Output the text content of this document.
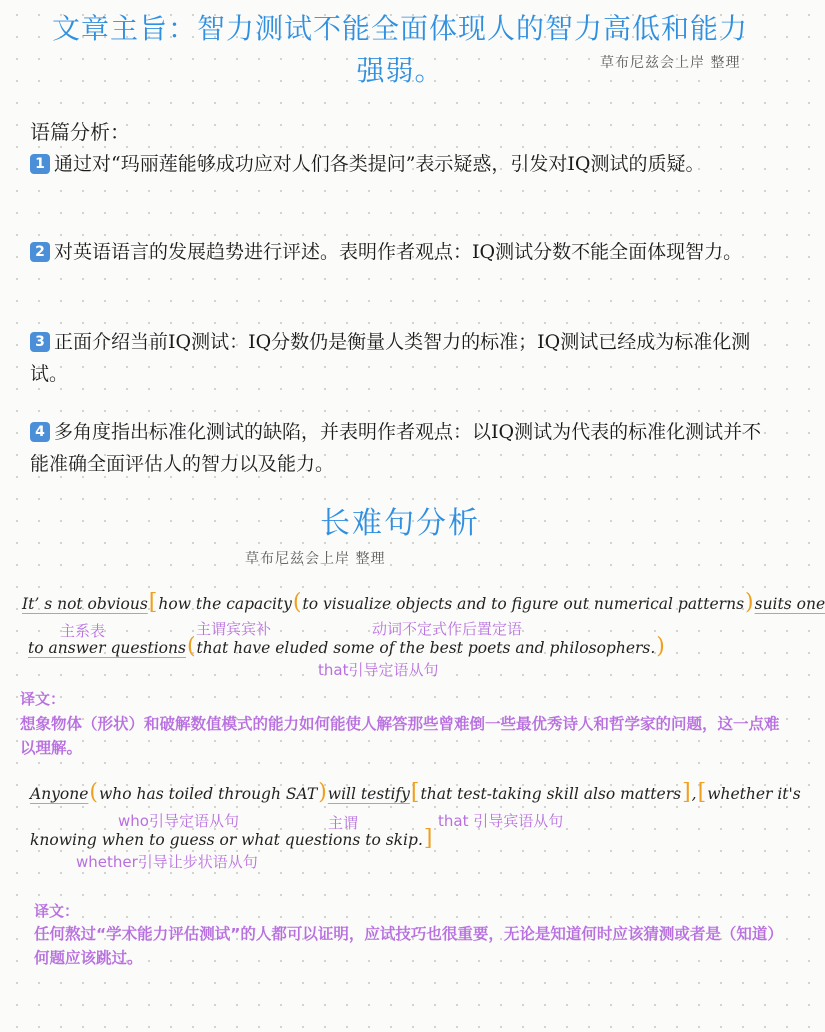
文章主旨：智力测试不能全面体现人的智力高低和能力
强弱。	草布尼兹会上岸 整理
语篇分析：
1 通过对“玛丽莲能够成功应对人们各类提问”表示疑惑，引发对IQ测试的质疑。
2 对英语语言的发展趋势进行评述。表明作者观点：IQ测试分数不能全面体现智力。
3 正面介绍当前IQ测试：IQ分数仍是衡量人类智力的标准；IQ测试已经成为标准化测试。
4 多角度指出标准化测试的缺陷，并表明作者观点：以IQ测试为代表的标准化测试并不能准确全面评估人的智力以及能力。
长难句分析
草布尼兹会上岸 整理
It’ s not obvious[how the capacity(to visualize objects and to figure out numerical patterns)suits one
主系表	主谓宾宾补	动词不定式作后置定语
to answer questions(that have eluded some of the best poets and philosophers.)
that引导定语从句
译文：
想象物体（形状）和破解数值模式的能力如何能使人解答那些曾难倒一些最优秀诗人和哲学家的问题，这一点难以理解。
Anyone(who has toiled through SAT)will testify[that test-taking skill also matters],[whether it's
who引导定语从句	主谓	that 引导宾语从句
knowing when to guess or what questions to skip.]
whether引导让步状语从句
译文：
任何熬过“学术能力评估测试”的人都可以证明，应试技巧也很重要，无论是知道何时应该猜测或者是（知道）何题应该跳过。
